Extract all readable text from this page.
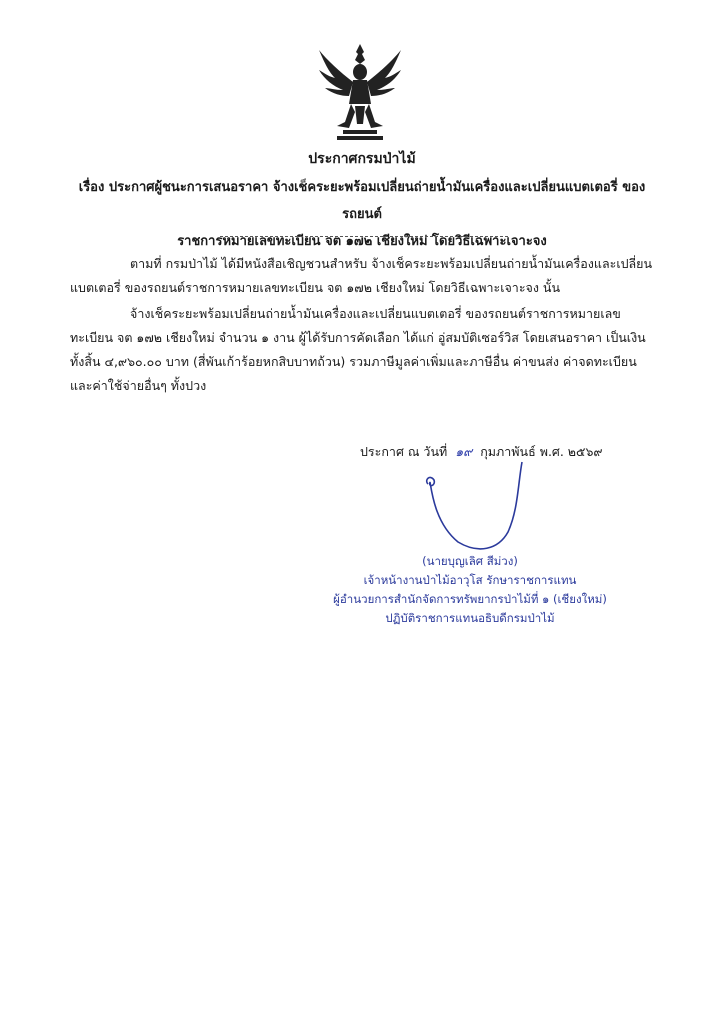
ประกาศกรมป่าไม้
เรื่อง ประกาศผู้ชนะการเสนอราคา จ้างเช็คระยะพร้อมเปลี่ยนถ่ายน้ำมันเครื่องและเปลี่ยนแบตเตอรี่ ของรถยนต์
ราชการหมายเลขทะเบียน จต ๑๗๒ เชียงใหม่ โดยวิธีเฉพาะเจาะจง

ตามที่ กรมป่าไม้ ได้มีหนังสือเชิญชวนสำหรับ จ้างเช็คระยะพร้อมเปลี่ยนถ่ายน้ำมันเครื่องและเปลี่ยนแบตเตอรี่ ของรถยนต์ราชการหมายเลขทะเบียน จต ๑๗๒ เชียงใหม่ โดยวิธีเฉพาะเจาะจง นั้น

จ้างเช็คระยะพร้อมเปลี่ยนถ่ายน้ำมันเครื่องและเปลี่ยนแบตเตอรี่ ของรถยนต์ราชการหมายเลขทะเบียน จต ๑๗๒ เชียงใหม่ จำนวน ๑ งาน ผู้ได้รับการคัดเลือก ได้แก่ อู่สมบัติเซอร์วิส โดยเสนอราคา เป็นเงินทั้งสิ้น ๔,๙๖๐.๐๐ บาท (สี่พันเก้าร้อยหกสิบบาทถ้วน) รวมภาษีมูลค่าเพิ่มและภาษีอื่น ค่าขนส่ง ค่าจดทะเบียน และค่าใช้จ่ายอื่นๆ ทั้งปวง

ประกาศ ณ วันที่ ๑๙ กุมภาพันธ์ พ.ศ. ๒๕๖๙
(นายบุญเลิศ สีม่วง)
เจ้าหน้างานป่าไม้อาวุโส รักษาราชการแทน
ผู้อำนวยการสำนักจัดการทรัพยากรป่าไม้ที่ ๑ (เชียงใหม่)
ปฏิบัติราชการแทนอธิบดีกรมป่าไม้
